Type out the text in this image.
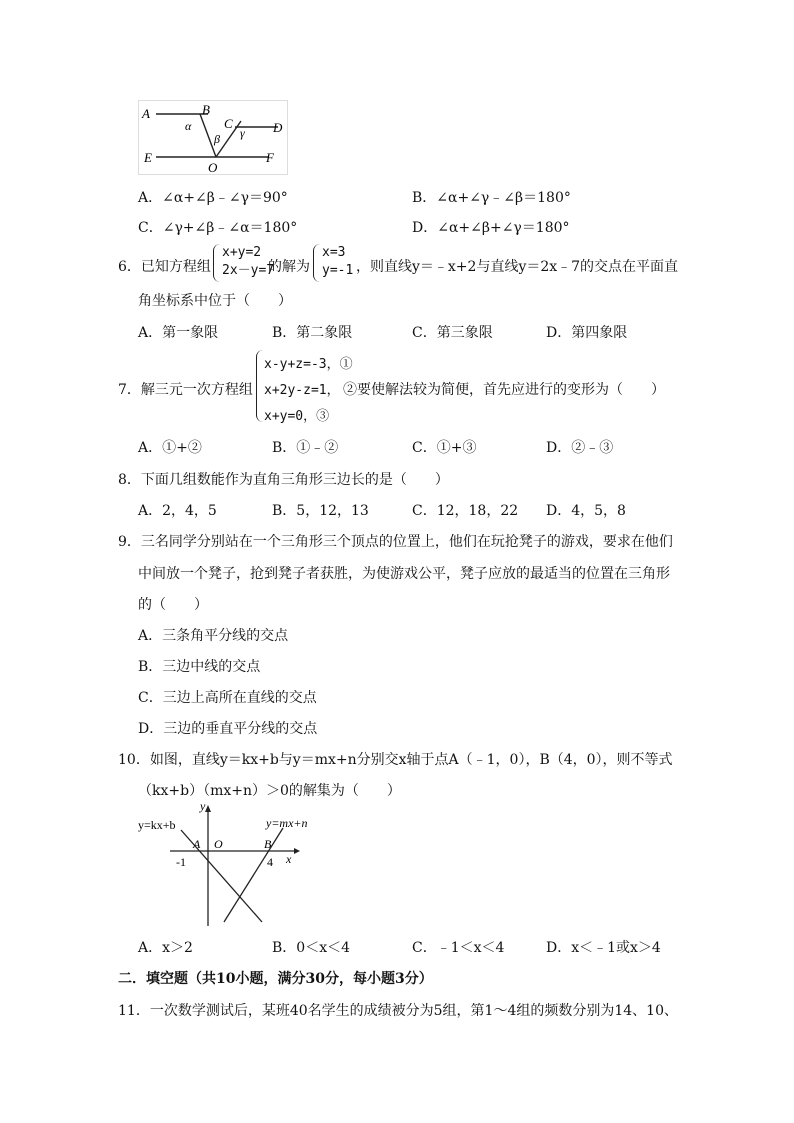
A	B
C	D
E	F
O
α
β γ
A．∠α+∠β﹣∠γ＝90°	B．∠α+∠γ﹣∠β＝180°
C．∠γ+∠β﹣∠α＝180°	D．∠α+∠β+∠γ＝180°
6．已知方程组
x+y=2
2x－y=7
的解为
x=3
y=-1 ，则直线y＝﹣x+2与直线y＝2x﹣7的交点在平面直
角坐标系中位于（　　）
A．第一象限	B．第二象限	C．第三象限	D．第四象限
7．解三元一次方程组
x-y+z=-3，①
x+2y-z=1，
x+y=0，③
②要使解法较为简便，首先应进行的变形为（　　）
A．①+②	B．①﹣②	C．①+③	D．②﹣③
8．下面几组数能作为直角三角形三边长的是（　　）
A．2，4，5	B．5，12，13	C．12，18，22 D．4，5，8
9．三名同学分别站在一个三角形三个顶点的位置上，他们在玩抢凳子的游戏，要求在他们
中间放一个凳子，抢到凳子者获胜，为使游戏公平，凳子应放的最适当的位置在三角形
的（　　）
A．三条角平分线的交点
B．三边中线的交点
C．三边上高所在直线的交点
D．三边的垂直平分线的交点
10．如图，直线y＝kx+b与y＝mx+n分别交x轴于点A（﹣1，0），B（4，0），则不等式
（kx+b）（mx+n）＞0的解集为（　　）
y=kx+b	y=mx+n
y
x
A O	B
-1	4
A．x＞2	B．0＜x＜4	C．﹣1＜x＜4	D．x＜﹣1或x＞4
二．填空题（共10小题，满分30分，每小题3分）
11．一次数学测试后，某班40名学生的成绩被分为5组，第1～4组的频数分别为14、10、
